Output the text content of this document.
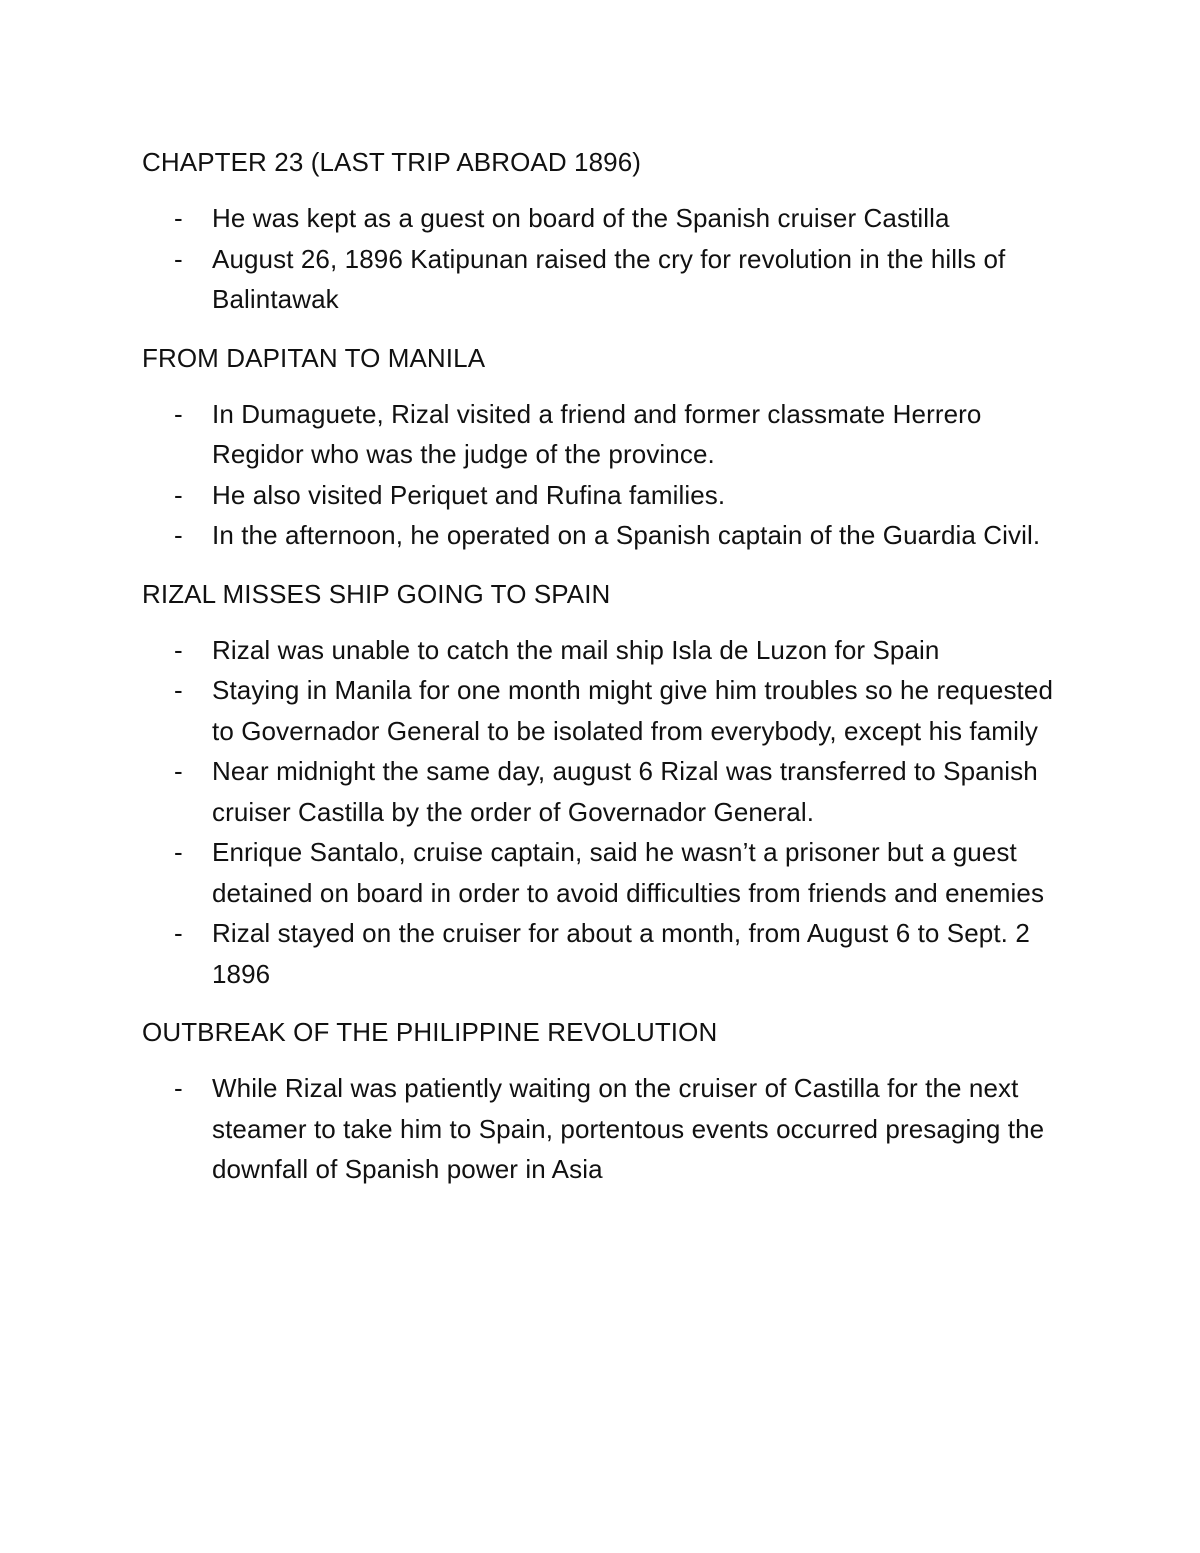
CHAPTER 23 (LAST TRIP ABROAD 1896)
- He was kept as a guest on board of the Spanish cruiser Castilla
- August 26, 1896 Katipunan raised the cry for revolution in the hills of Balintawak
FROM DAPITAN TO MANILA
- In Dumaguete, Rizal visited a friend and former classmate Herrero Regidor who was the judge of the province.
- He also visited Periquet and Rufina families.
- In the afternoon, he operated on a Spanish captain of the Guardia Civil.
RIZAL MISSES SHIP GOING TO SPAIN
- Rizal was unable to catch the mail ship Isla de Luzon for Spain
- Staying in Manila for one month might give him troubles so he requested to Governador General to be isolated from everybody, except his family
- Near midnight the same day, august 6 Rizal was transferred to Spanish cruiser Castilla by the order of Governador General.
- Enrique Santalo, cruise captain, said he wasn’t a prisoner but a guest detained on board in order to avoid difficulties from friends and enemies
- Rizal stayed on the cruiser for about a month, from August 6 to Sept. 2 1896
OUTBREAK OF THE PHILIPPINE REVOLUTION
- While Rizal was patiently waiting on the cruiser of Castilla for the next steamer to take him to Spain, portentous events occurred presaging the downfall of Spanish power in Asia
